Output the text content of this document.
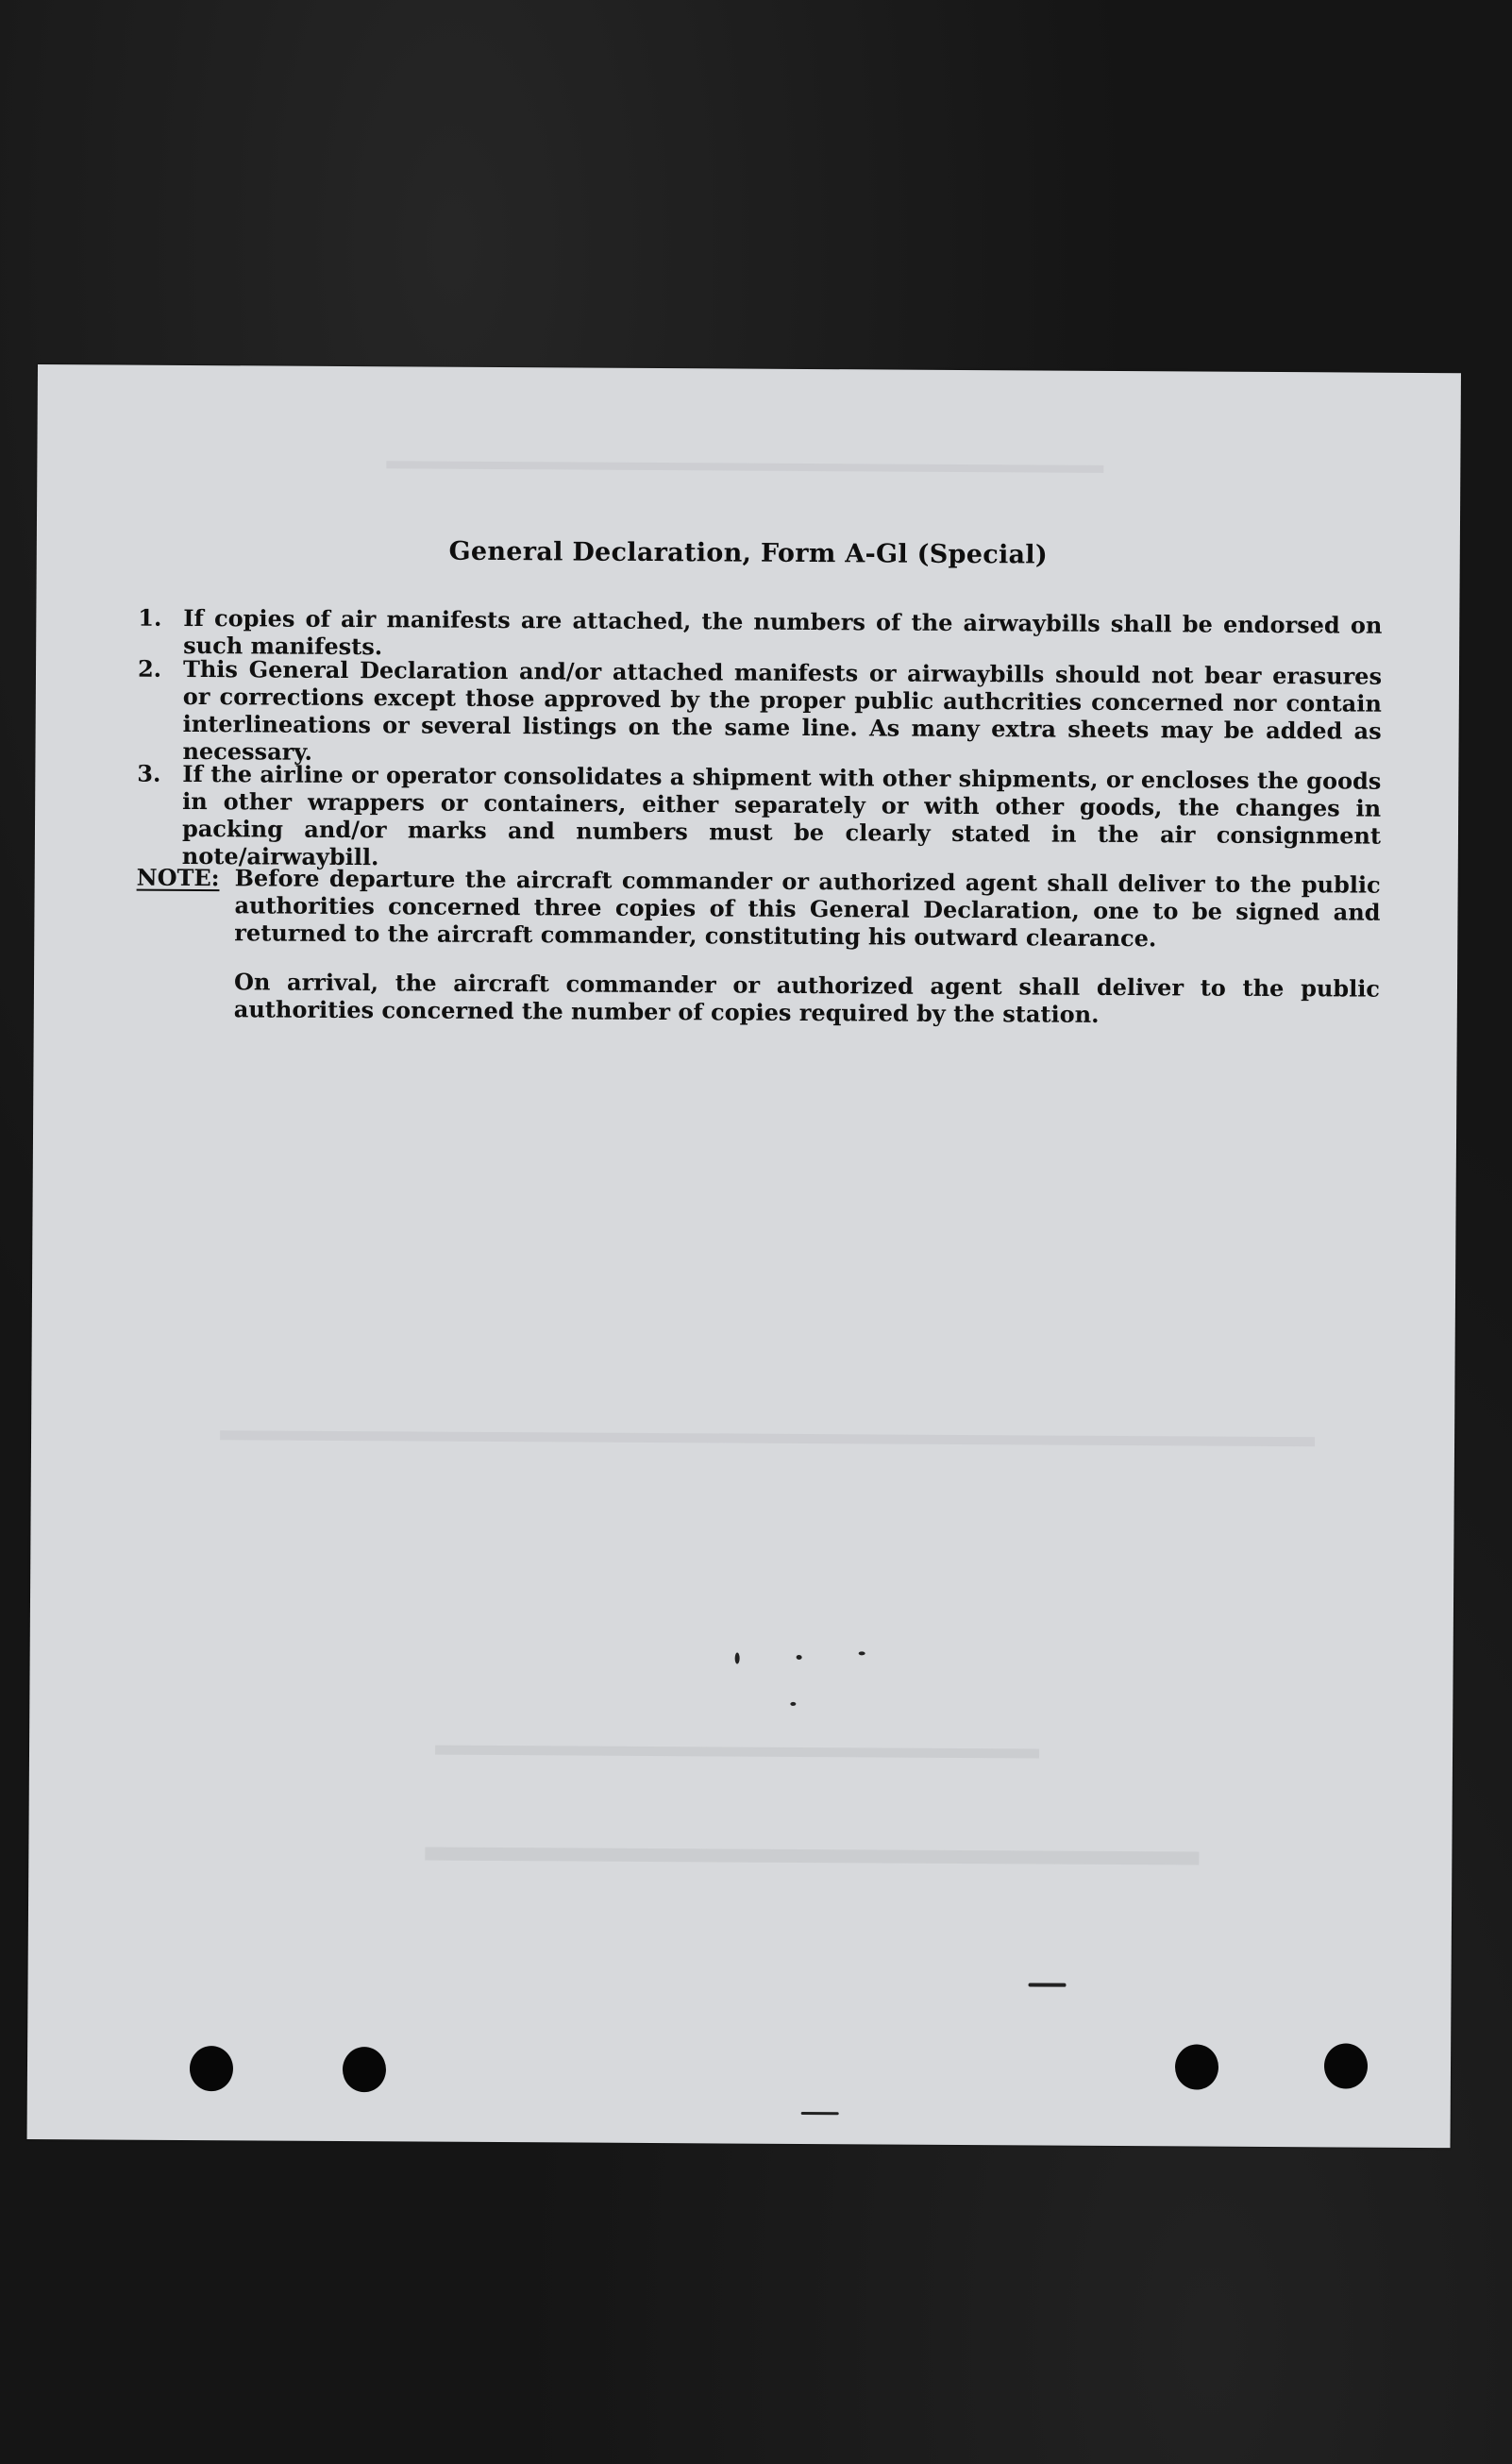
General Declaration, Form A-Gl (Special)
1. If copies of air manifests are attached, the numbers of the airwaybills shall be endorsed on such manifests.
2. This General Declaration and/or attached manifests or airwaybills should not bear erasures or corrections except those approved by the proper public authcrities concerned nor contain interlineations or several listings on the same line. As many extra sheets may be added as necessary.
3. If the airline or operator consolidates a shipment with other shipments, or encloses the goods in other wrappers or containers, either separately or with other goods, the changes in packing and/or marks and numbers must be clearly stated in the air consignment note/airwaybill.
NOTE: Before departure the aircraft commander or authorized agent shall deliver to the public authorities concerned three copies of this General Declaration, one to be signed and returned to the aircraft commander, constituting his outward clearance.
On arrival, the aircraft commander or authorized agent shall deliver to the public authorities concerned the number of copies required by the station.
